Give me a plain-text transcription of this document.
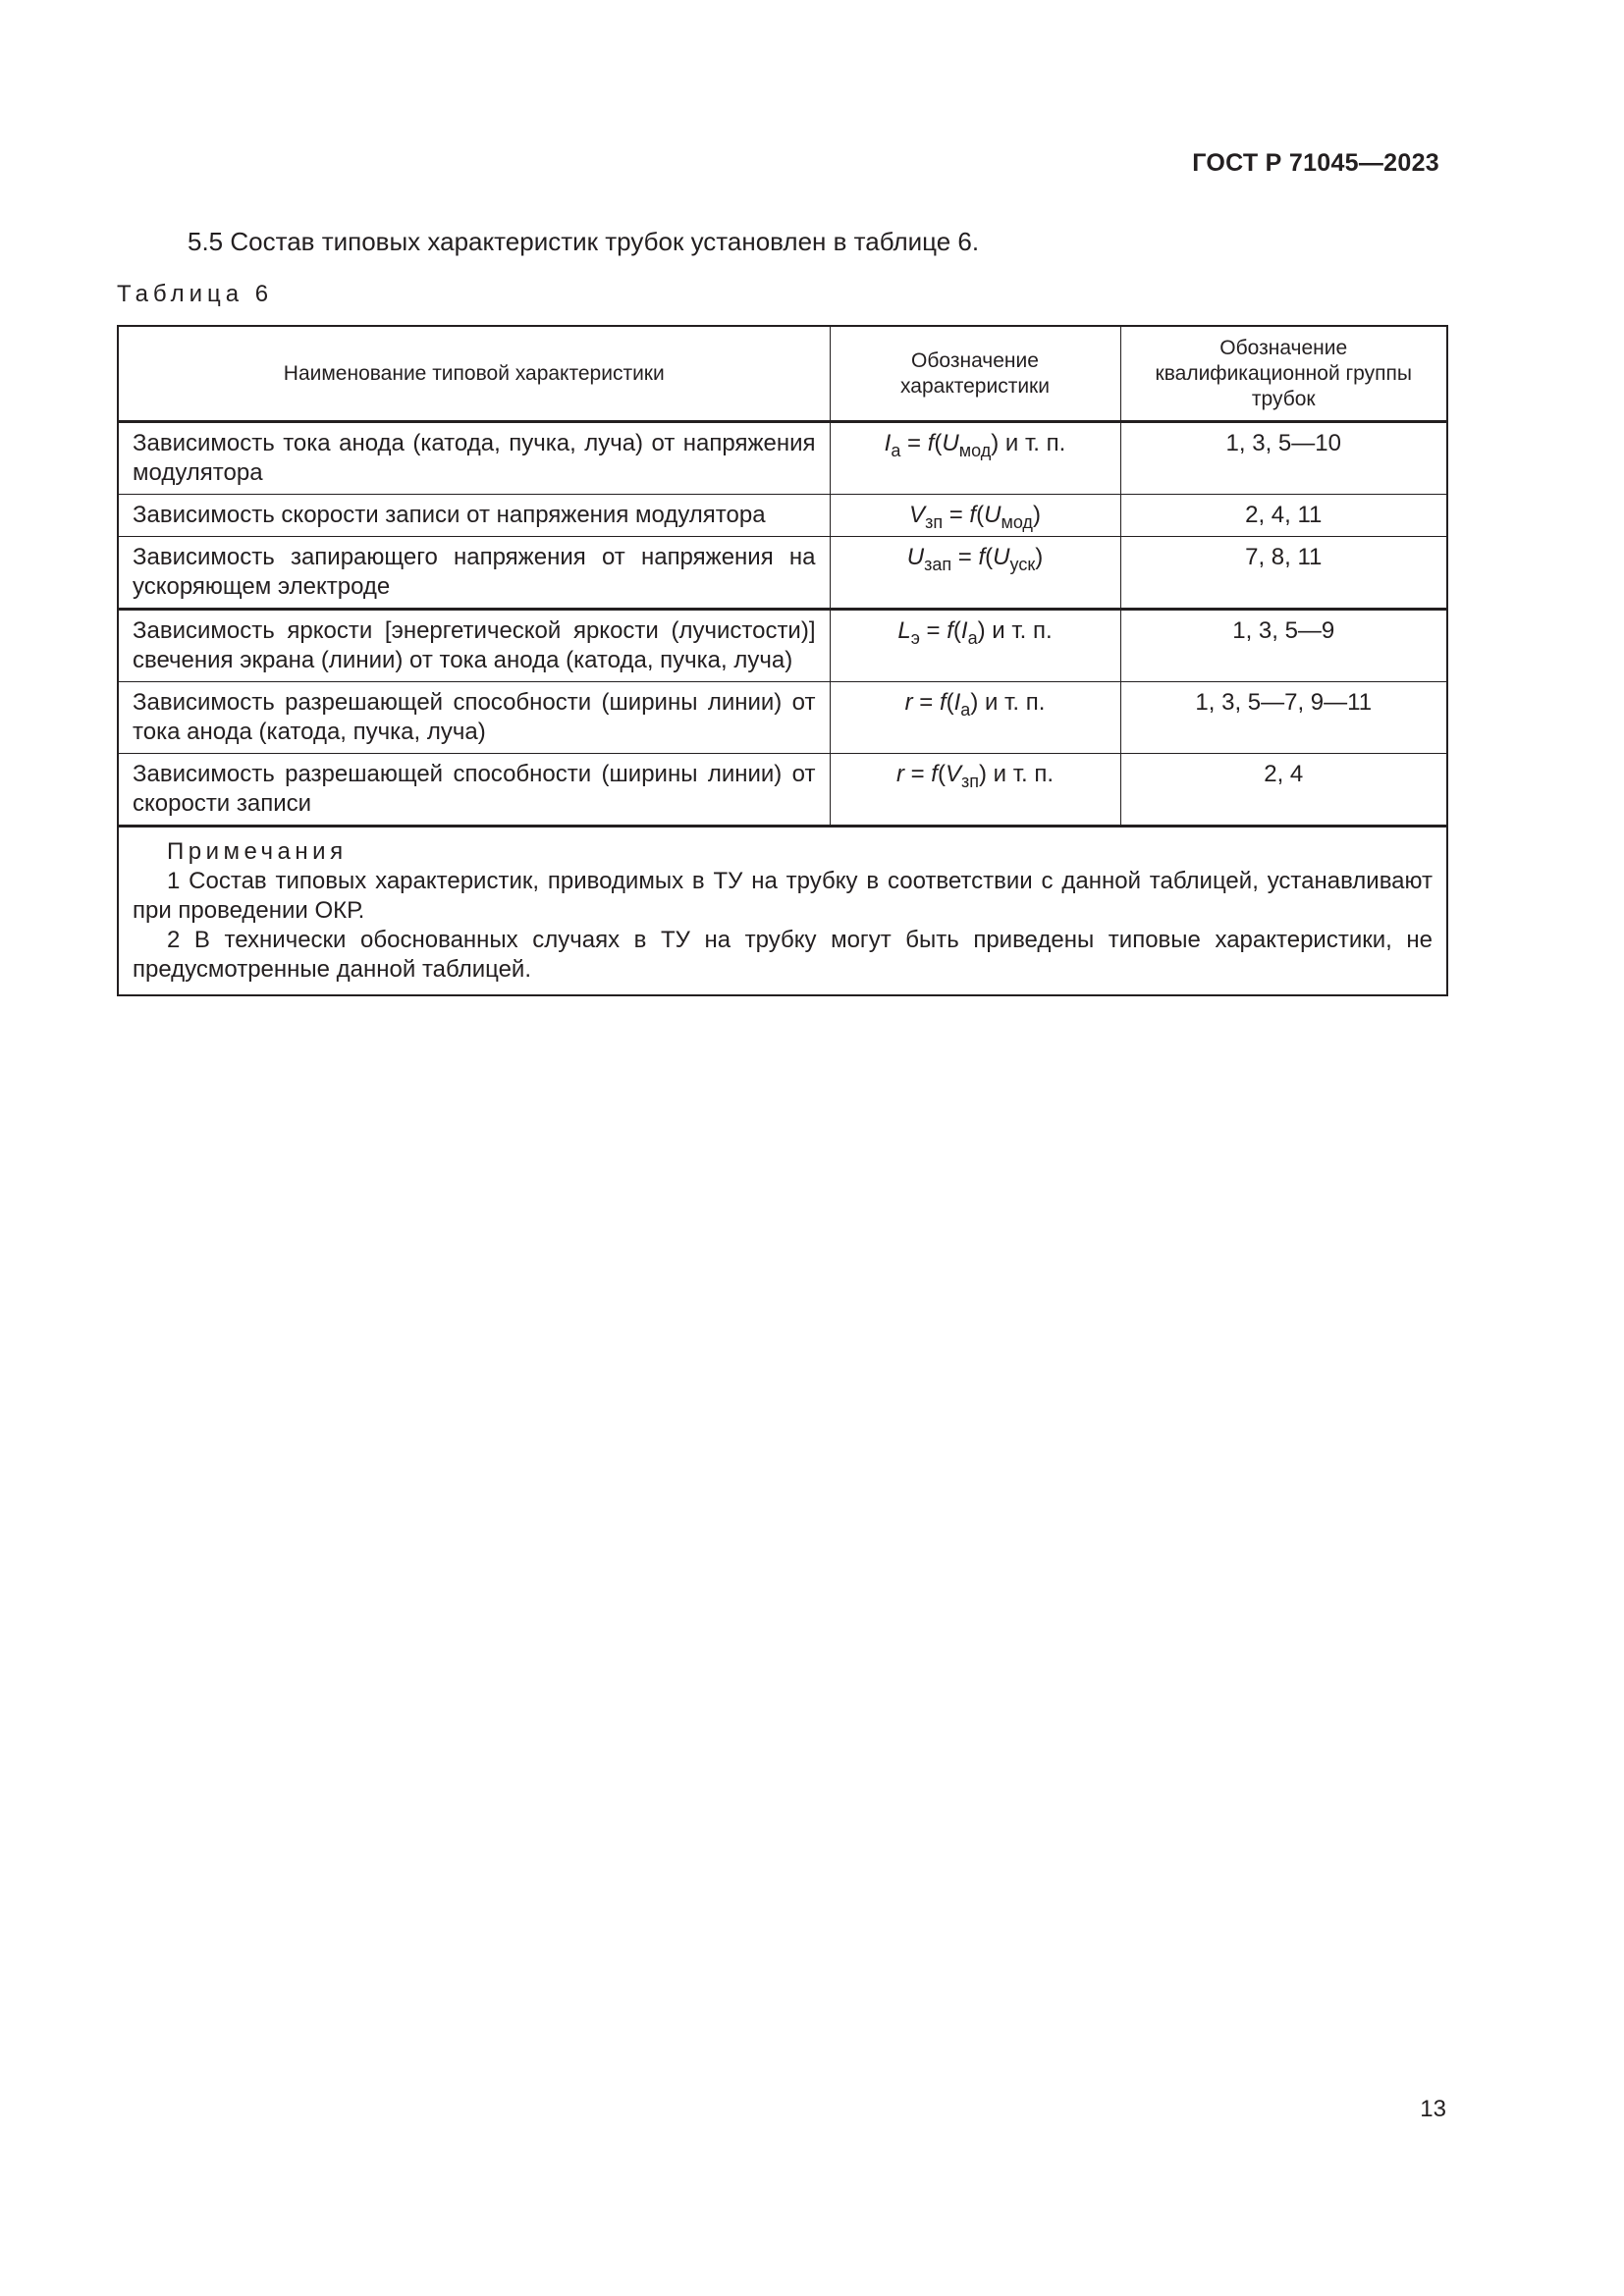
ГОСТ Р 71045—2023
5.5 Состав типовых характеристик трубок установлен в таблице 6.
Таблица 6
Наименование типовой характеристики	Обозначение характеристики	Обозначение квалификационной группы трубок
Зависимость тока анода (катода, пучка, луча) от напряжения модулятора	$I_а = f(U_{мод})$ и т. п.	1, 3, 5—10
Зависимость скорости записи от напряжения модулятора	$V_{зп} = f(U_{мод})$	2, 4, 11
Зависимость запирающего напряжения от напряжения на ускоряющем электроде	$U_{зап} = f(U_{уск})$	7, 8, 11
Зависимость яркости [энергетической яркости (лучистости)] свечения экрана (линии) от тока анода (катода, пучка, луча)	$L_э = f(I_а)$ и т. п.	1, 3, 5—9
Зависимость разрешающей способности (ширины линии) от тока анода (катода, пучка, луча)	$r = f(I_а)$ и т. п.	1, 3, 5—7, 9—11
Зависимость разрешающей способности (ширины линии) от скорости записи	$r = f(V_{зп})$ и т. п.	2, 4

Примечания

1 Состав типовых характеристик, приводимых в ТУ на трубку в соответствии с данной таблицей, устанавливают при проведении ОКР.

2 В технически обоснованных случаях в ТУ на трубку могут быть приведены типовые характеристики, не предусмотренные данной таблицей.		

13
